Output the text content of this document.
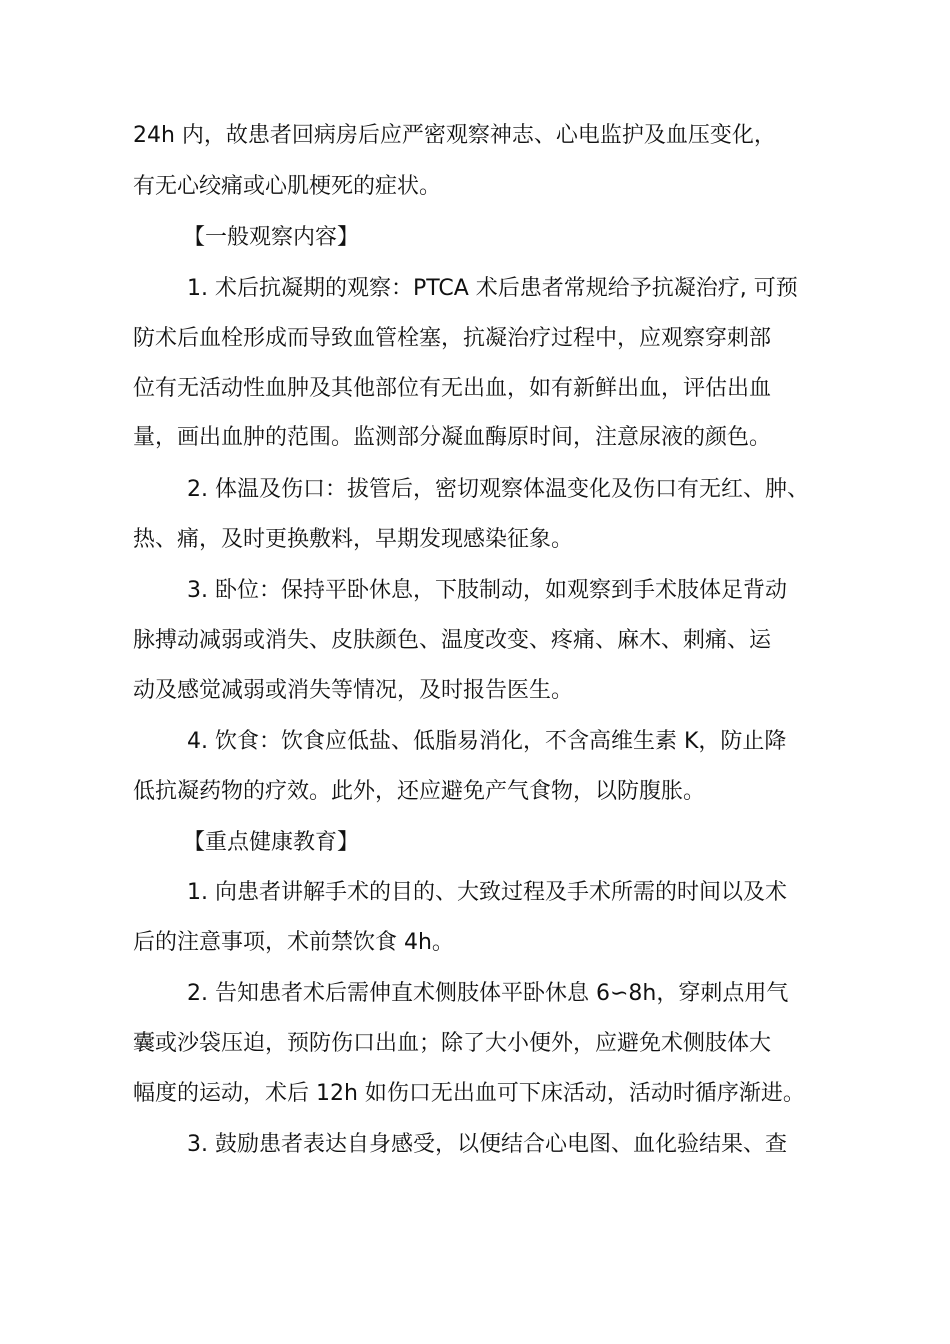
24h 内，故患者回病房后应严密观察神志、心电监护及血压变化，
有无心绞痛或心肌梗死的症状。
【一般观察内容】
1. 术后抗凝期的观察：PTCA 术后患者常规给予抗凝治疗, 可预
防术后血栓形成而导致血管栓塞，抗凝治疗过程中，应观察穿刺部
位有无活动性血肿及其他部位有无出血，如有新鲜出血，评估出血
量，画出血肿的范围。监测部分凝血酶原时间，注意尿液的颜色。
2. 体温及伤口：拔管后，密切观察体温变化及伤口有无红、肿、
热、痛，及时更换敷料，早期发现感染征象。
3. 卧位：保持平卧休息，下肢制动，如观察到手术肢体足背动
脉搏动减弱或消失、皮肤颜色、温度改变、疼痛、麻木、刺痛、运
动及感觉减弱或消失等情况，及时报告医生。
4. 饮食：饮食应低盐、低脂易消化，不含高维生素 K，防止降
低抗凝药物的疗效。此外，还应避免产气食物，以防腹胀。
【重点健康教育】
1. 向患者讲解手术的目的、大致过程及手术所需的时间以及术
后的注意事项，术前禁饮食 4h。
2. 告知患者术后需伸直术侧肢体平卧休息 6∽8h，穿刺点用气
囊或沙袋压迫，预防伤口出血；除了大小便外，应避免术侧肢体大
幅度的运动，术后 12h 如伤口无出血可下床活动，活动时循序渐进。
3. 鼓励患者表达自身感受，以便结合心电图、血化验结果、查
